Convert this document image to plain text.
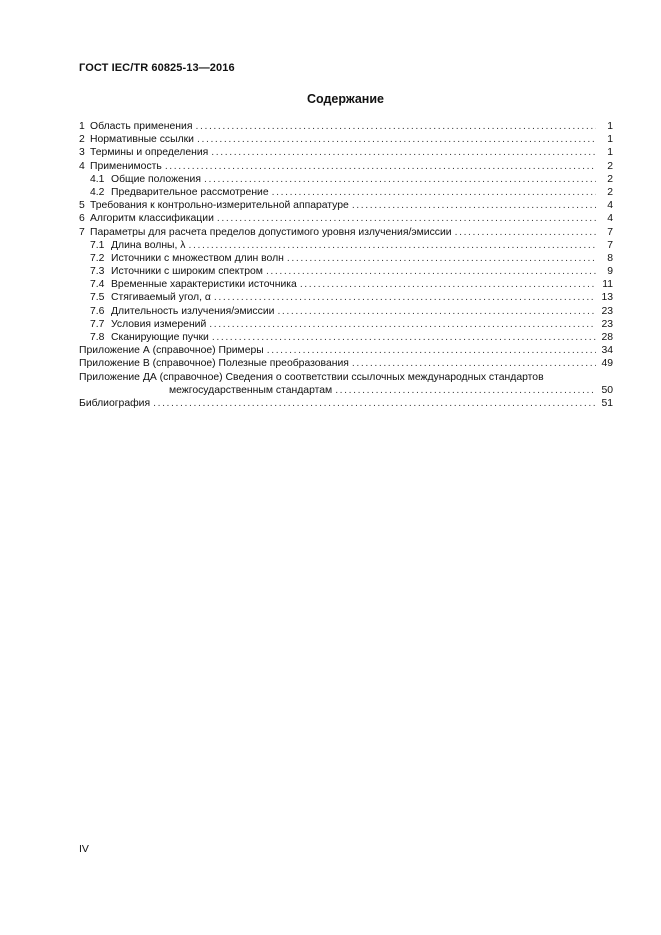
ГОСТ IEC/TR 60825-13—2016
Содержание
1 Область применения .....	1
2 Нормативные ссылки .....	1
3 Термины и определения .....	1
4 Применимость .....	2
4.1 Общие положения .....	2
4.2 Предварительное рассмотрение .....	2
5 Требования к контрольно-измерительной аппаратуре .....	4
6 Алгоритм классификации .....	4
7 Параметры для расчета пределов допустимого уровня излучения/эмиссии .....	7
7.1 Длина волны, λ .....	7
7.2 Источники с множеством длин волн .....	8
7.3 Источники с широким спектром .....	9
7.4 Временные характеристики источника .....	11
7.5 Стягиваемый угол, α .....	13
7.6 Длительность излучения/эмиссии .....	23
7.7 Условия измерений .....	23
7.8 Сканирующие пучки .....	28
Приложение А (справочное) Примеры .....	34
Приложение В (справочное) Полезные преобразования .....	49
Приложение ДА (справочное) Сведения о соответствии ссылочных международных стандартов
межгосударственным стандартам .....	50
Библиография .....	51
IV
